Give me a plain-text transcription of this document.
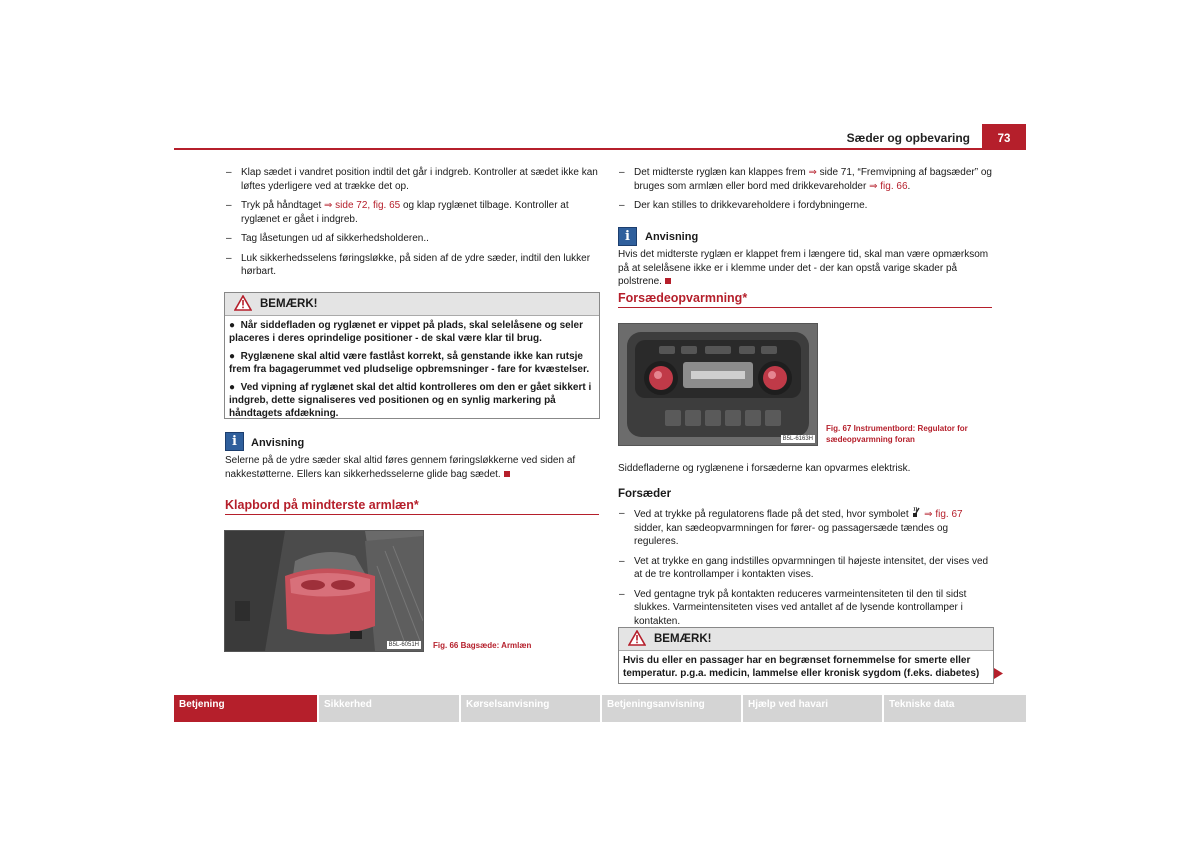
Sæder og opbevaring	73
– Klap sædet i vandret position indtil det går i indgreb. Kontroller at sædet ikke kan løftes yderligere ved at trække det op.
– Tryk på håndtaget ⇒ side 72, fig. 65 og klap ryglænet tilbage. Kontroller at ryglænet er gået i indgreb.
– Tag låsetungen ud af sikkerhedsholderen..
– Luk sikkerhedsselens føringsløkke, på siden af de ydre sæder, indtil den lukker hørbart.
BEMÆRK!

● Når siddefladen og ryglænet er vippet på plads, skal selelåsene og seler placeres i deres oprindelige positioner - de skal være klar til brug.

● Ryglænene skal altid være fastlåst korrekt, så genstande ikke kan rutsje frem fra bagagerummet ved pludselige opbremsninger - fare for kvæstelser.

● Ved vipning af ryglænet skal det altid kontrolleres om den er gået sikkert i indgreb, dette signaliseres ved positionen og en synlig markering på håndtagets afdækning.

i	Anvisning
Selerne på de ydre sæder skal altid føres gennem føringsløkkerne ved siden af nakkestøtterne. Ellers kan sikkerhedsselerne glide bag sædet.
Klapbord på mindterste armlæn*
B5L-6051H Fig. 66 Bagsæde: Armlæn
– Det midterste ryglæn kan klappes frem ⇒ side 71, “Fremvipning af bagsæder” og bruges som armlæn eller bord med drikkevareholder ⇒ fig. 66.
– Der kan stilles to drikkevareholdere i fordybningerne.
i	Anvisning
Hvis det midterste ryglæn er klappet frem i længere tid, skal man være opmærksom på at selelåsene ikke er i klemme under det - der kan opstå varige skader på polstrene.
Forsædeopvarmning*
B5L-6163H
Fig. 67 Instrumentbord: Regulator for
sædeopvarmning foran
Siddefladerne og ryglænene i forsæderne kan opvarmes elektrisk.
Forsæder
– Ved at trykke på regulatorens flade på det sted, hvor symbolet  ⇒ fig. 67 sidder, kan sædeopvarmningen for fører- og passagersæde tændes og reguleres.
– Vet at trykke en gang indstilles opvarmningen til højeste intensitet, der vises ved at de tre kontrollamper i kontakten vises.
– Ved gentagne tryk på kontakten reduceres varmeintensiteten til den til sidst slukkes. Varmeintensiteten vises ved antallet af de lysende kontrollamper i kontakten.
BEMÆRK!
Hvis du eller en passager har en begrænset fornemmelse for smerte eller temperatur. p.g.a. medicin, lammelse eller kronisk sygdom (f.eks. diabetes)
Betjening	Sikkerhed	Kørselsanvisning	Betjeningsanvisning	Hjælp ved havari	Tekniske data
